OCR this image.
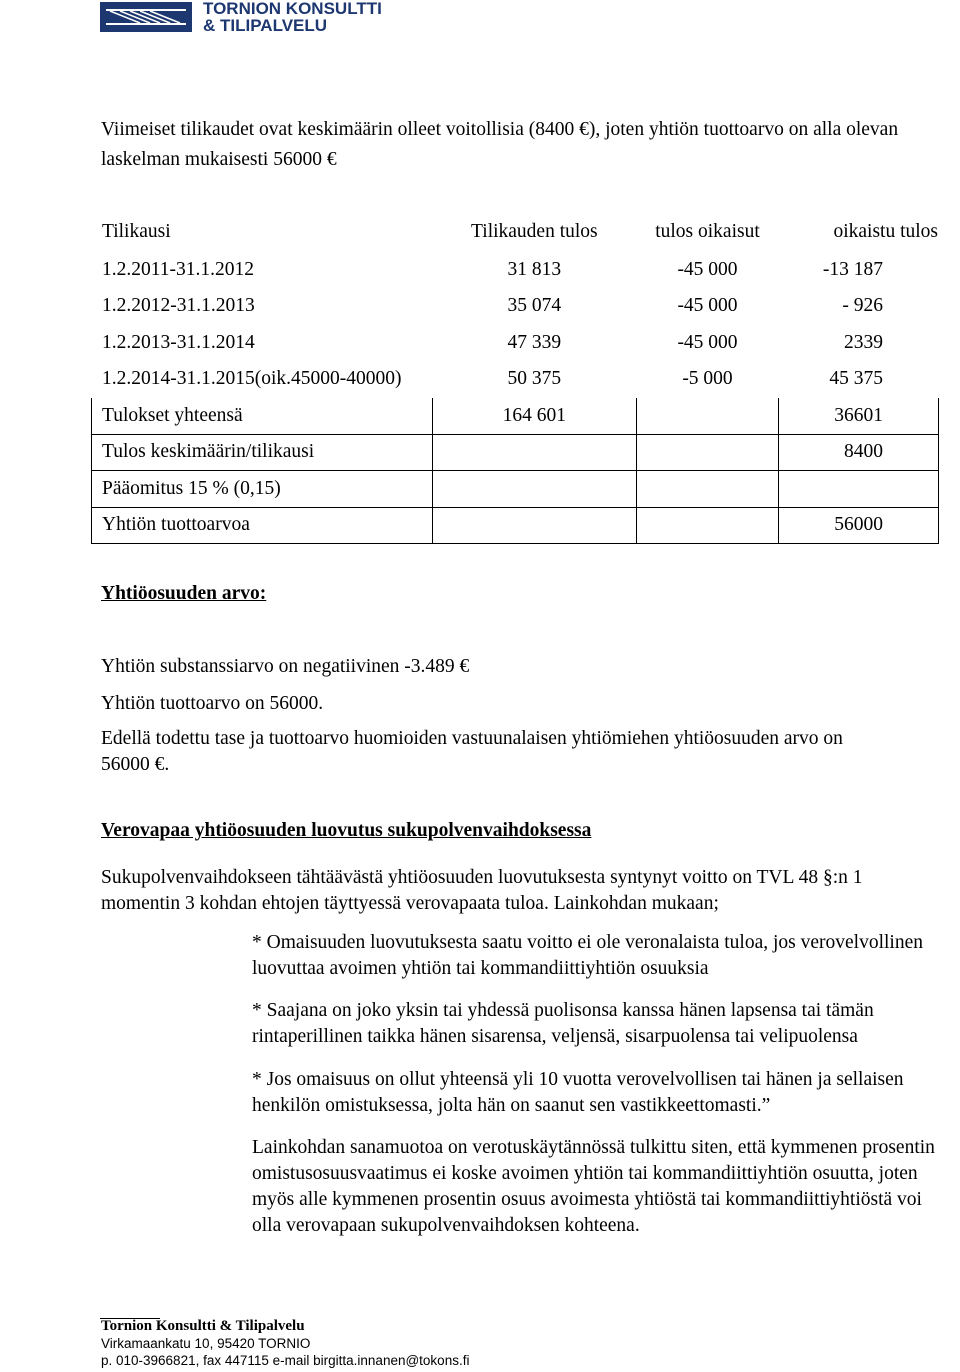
TORNION KONSULTTI
& TILIPALVELU

Viimeiset tilikaudet ovat keskimäärin olleet voitollisia (8400 €), joten yhtiön tuottoarvo on alla olevan laskelman mukaisesti 56000 €

Tilikausi	Tilikauden tulos	tulos oikaisut	oikaistu tulos
1.2.2011-31.1.2012	31 813	-45 000	-13 187
1.2.2012-31.1.2013	35 074	-45 000	- 926
1.2.2013-31.1.2014	47 339	-45 000	2339
1.2.2014-31.1.2015(oik.45000-40000)	50 375	-5 000	45 375
Tulokset yhteensä	164 601		36601
Tulos keskimäärin/tilikausi			8400
Pääomitus 15 % (0,15)			
Yhtiön tuottoarvoa			56000

Yhtiöosuuden arvo:

Yhtiön substanssiarvo on negatiivinen -3.489 €

Yhtiön tuottoarvo on 56000.

Edellä todettu tase ja tuottoarvo huomioiden vastuunalaisen yhtiömiehen yhtiöosuuden arvo on

56000 €.

Verovapaa yhtiöosuuden luovutus sukupolvenvaihdoksessa

Sukupolvenvaihdokseen tähtäävästä yhtiöosuuden luovutuksesta syntynyt voitto on TVL 48 §:n 1

momentin 3 kohdan ehtojen täyttyessä verovapaata tuloa. Lainkohdan mukaan;

* Omaisuuden luovutuksesta saatu voitto ei ole veronalaista tuloa, jos verovelvollinen luovuttaa avoimen yhtiön tai kommandiittiyhtiön osuuksia

* Saajana on joko yksin tai yhdessä puolisonsa kanssa hänen lapsensa tai tämän rintaperillinen taikka hänen sisarensa, veljensä, sisarpuolensa tai velipuolensa

* Jos omaisuus on ollut yhteensä yli 10 vuotta verovelvollisen tai hänen ja sellaisen henkilön omistuksessa, jolta hän on saanut sen vastikkeettomasti.”

Lainkohdan sanamuotoa on verotuskäytännössä tulkittu siten, että kymmenen prosentin omistusosuusvaatimus ei koske avoimen yhtiön tai kommandiittiyhtiön osuutta, joten myös alle kymmenen prosentin osuus avoimesta yhtiöstä tai kommandiittiyhtiöstä voi olla verovapaan sukupolvenvaihdoksen kohteena.

Tornion Konsultti & Tilipalvelu
Virkamaankatu 10, 95420 TORNIO
p. 010-3966821, fax 447115 e-mail birgitta.innanen@tokons.fi
